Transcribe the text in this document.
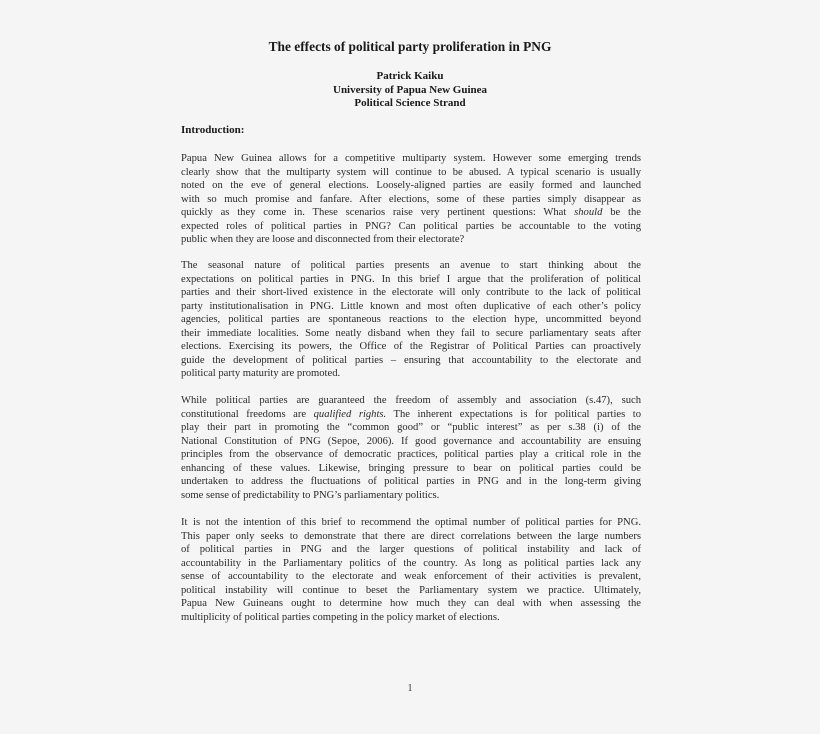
The effects of political party proliferation in PNG
Patrick Kaiku
University of Papua New Guinea
Political Science Strand
Introduction:
Papua New Guinea allows for a competitive multiparty system. However some emerging trends
clearly show that the multiparty system will continue to be abused. A typical scenario is usually
noted on the eve of general elections. Loosely-aligned parties are easily formed and launched
with so much promise and fanfare. After elections, some of these parties simply disappear as
quickly as they come in. These scenarios raise very pertinent questions: What should be the
expected roles of political parties in PNG? Can political parties be accountable to the voting
public when they are loose and disconnected from their electorate?
The seasonal nature of political parties presents an avenue to start thinking about the
expectations on political parties in PNG. In this brief I argue that the proliferation of political
parties and their short-lived existence in the electorate will only contribute to the lack of political
party institutionalisation in PNG. Little known and most often duplicative of each other’s policy
agencies, political parties are spontaneous reactions to the election hype, uncommitted beyond
their immediate localities. Some neatly disband when they fail to secure parliamentary seats after
elections. Exercising its powers, the Office of the Registrar of Political Parties can proactively
guide the development of political parties – ensuring that accountability to the electorate and
political party maturity are promoted.
While political parties are guaranteed the freedom of assembly and association (s.47), such
constitutional freedoms are qualified rights. The inherent expectations is for political parties to
play their part in promoting the “common good” or “public interest” as per s.38 (i) of the
National Constitution of PNG (Sepoe, 2006). If good governance and accountability are ensuing
principles from the observance of democratic practices, political parties play a critical role in the
enhancing of these values. Likewise, bringing pressure to bear on political parties could be
undertaken to address the fluctuations of political parties in PNG and in the long-term giving
some sense of predictability to PNG’s parliamentary politics.
It is not the intention of this brief to recommend the optimal number of political parties for PNG.
This paper only seeks to demonstrate that there are direct correlations between the large numbers
of political parties in PNG and the larger questions of political instability and lack of
accountability in the Parliamentary politics of the country. As long as political parties lack any
sense of accountability to the electorate and weak enforcement of their activities is prevalent,
political instability will continue to beset the Parliamentary system we practice. Ultimately,
Papua New Guineans ought to determine how much they can deal with when assessing the
multiplicity of political parties competing in the policy market of elections.
1
